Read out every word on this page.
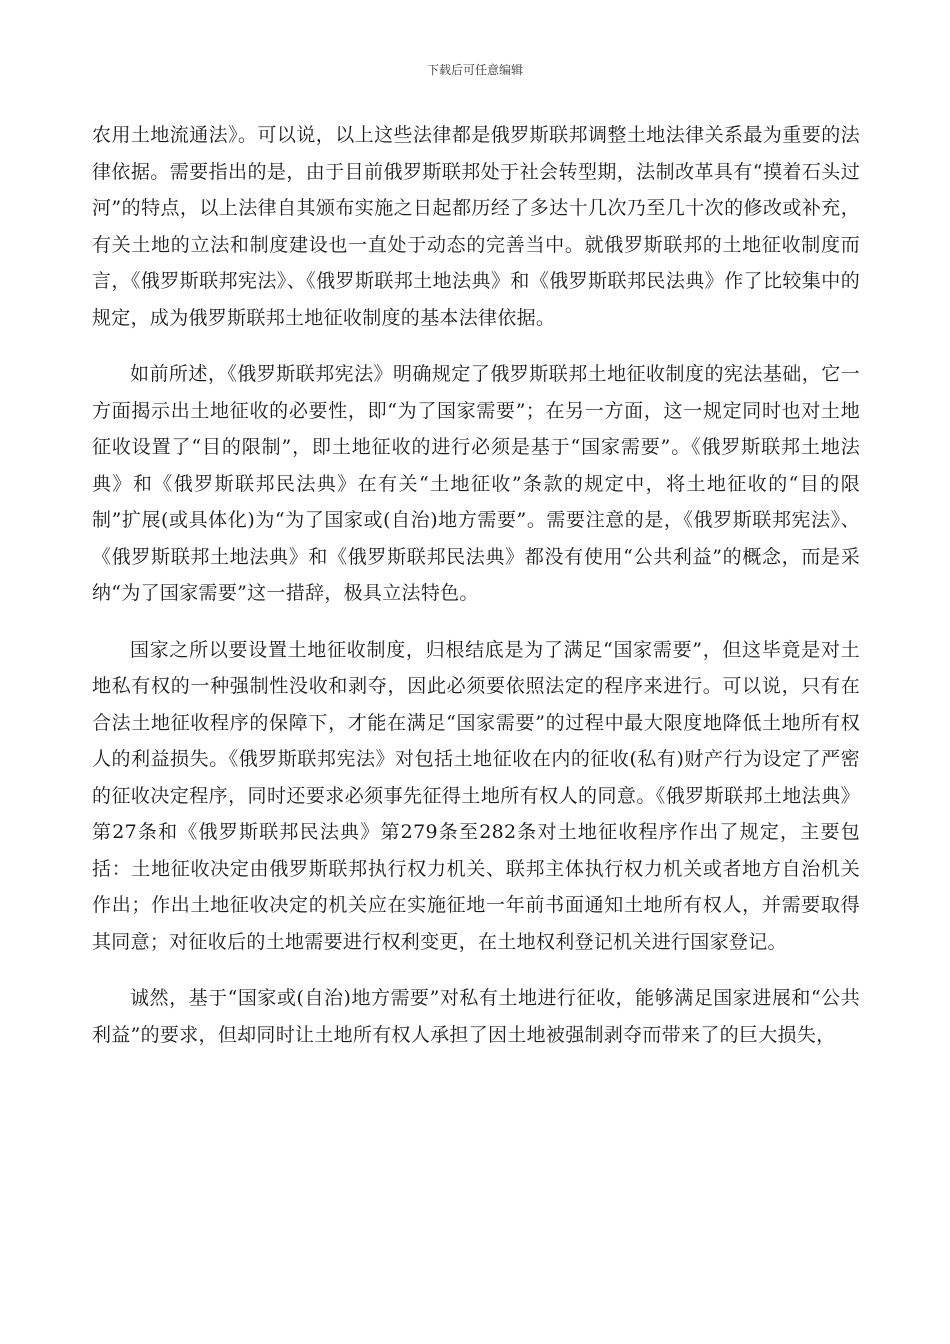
下载后可任意编辑

农用土地流通法》。可以说，以上这些法律都是俄罗斯联邦调整土地法律关系最为重要的法律依据。需要指出的是，由于目前俄罗斯联邦处于社会转型期，法制改革具有“摸着石头过河”的特点，以上法律自其颁布实施之日起都历经了多达十几次乃至几十次的修改或补充，有关土地的立法和制度建设也一直处于动态的完善当中。就俄罗斯联邦的土地征收制度而言，《俄罗斯联邦宪法》、《俄罗斯联邦土地法典》和《俄罗斯联邦民法典》作了比较集中的规定，成为俄罗斯联邦土地征收制度的基本法律依据。

如前所述，《俄罗斯联邦宪法》明确规定了俄罗斯联邦土地征收制度的宪法基础，它一方面揭示出土地征收的必要性，即“为了国家需要”；在另一方面，这一规定同时也对土地征收设置了“目的限制”，即土地征收的进行必须是基于“国家需要”。《俄罗斯联邦土地法典》和《俄罗斯联邦民法典》在有关“土地征收”条款的规定中，将土地征收的“目的限制”扩展(或具体化)为“为了国家或(自治)地方需要”。需要注意的是，《俄罗斯联邦宪法》、《俄罗斯联邦土地法典》和《俄罗斯联邦民法典》都没有使用“公共利益”的概念，而是采纳“为了国家需要”这一措辞，极具立法特色。

国家之所以要设置土地征收制度，归根结底是为了满足“国家需要”，但这毕竟是对土地私有权的一种强制性没收和剥夺，因此必须要依照法定的程序来进行。可以说，只有在合法土地征收程序的保障下，才能在满足“国家需要”的过程中最大限度地降低土地所有权人的利益损失。《俄罗斯联邦宪法》对包括土地征收在内的征收(私有)财产行为设定了严密的征收决定程序，同时还要求必须事先征得土地所有权人的同意。《俄罗斯联邦土地法典》第27条和《俄罗斯联邦民法典》第279条至282条对土地征收程序作出了规定，主要包括：土地征收决定由俄罗斯联邦执行权力机关、联邦主体执行权力机关或者地方自治机关作出；作出土地征收决定的机关应在实施征地一年前书面通知土地所有权人，并需要取得其同意；对征收后的土地需要进行权利变更，在土地权利登记机关进行国家登记。

诚然，基于“国家或(自治)地方需要”对私有土地进行征收，能够满足国家进展和“公共利益”的要求，但却同时让土地所有权人承担了因土地被强制剥夺而带来了的巨大损失，
